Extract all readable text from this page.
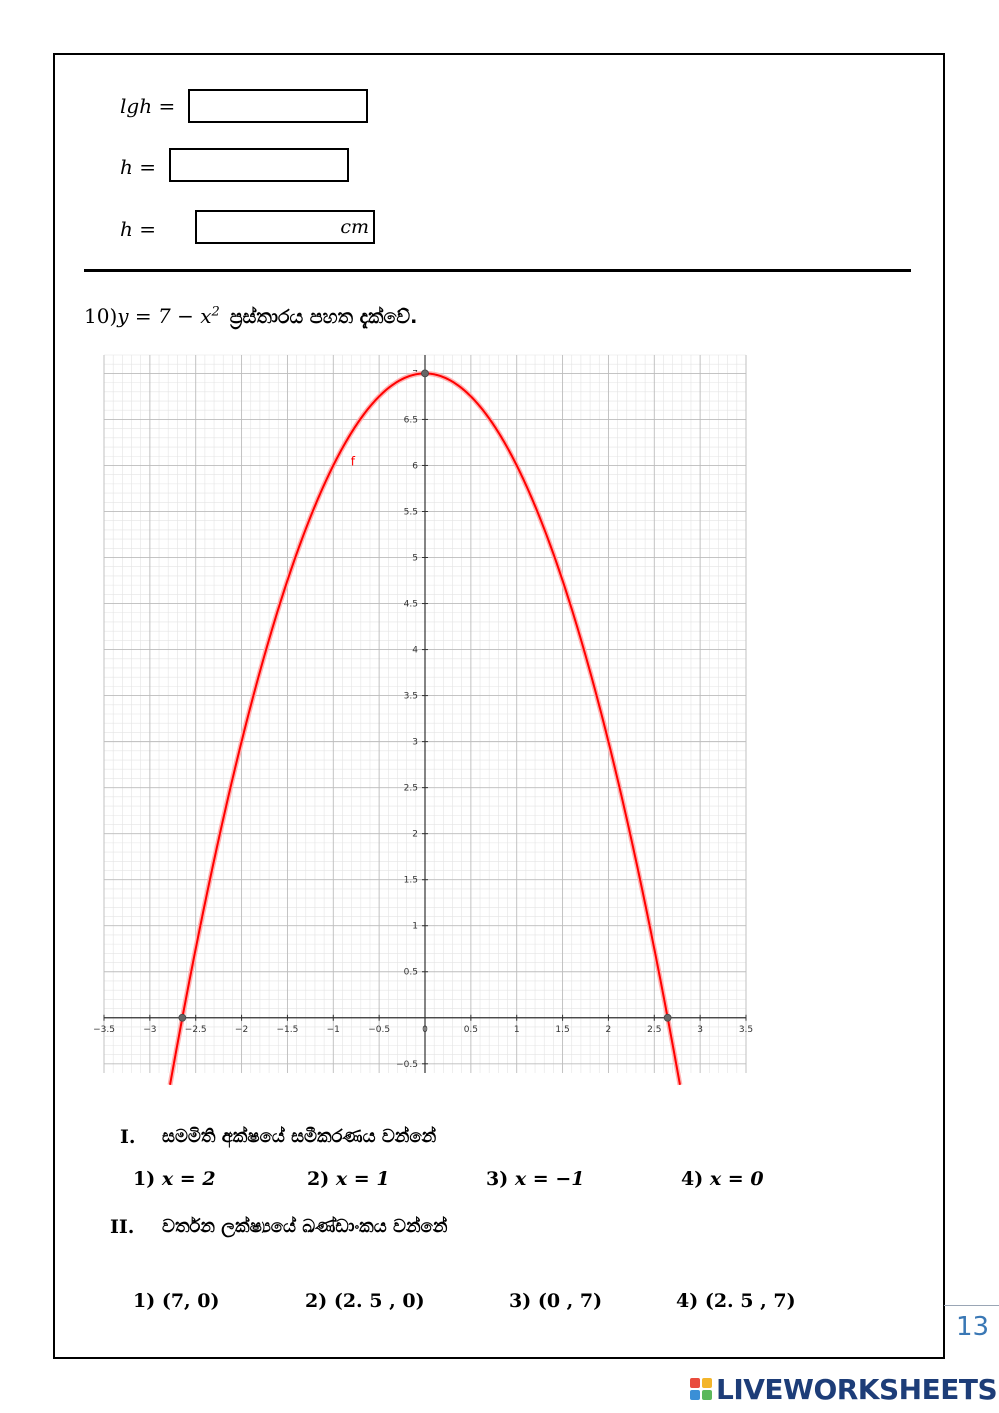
lgh =
h =
h =	cm
$10)y = 7 - x^2$ ප්‍රස්තාරය පහත දැක්වේ.
−3.5	−3	−2.5	−2	−1.5	−1	−0.5	0	0.5	1	1.5	2	2.5	3	3.5
−0.5
0.5
1
1.5
2
2.5
3
3.5
4
4.5
5
5.5
6
6.5
7
f
I. සමමිති අක්ෂයේ සමීකරණය වන්නේ
1) x = 2	2) x = 1	3) x = −1	4) x = 0
II. වර්තන ලක්ෂ්‍යයේ ඛණ්ඩාංකය වන්නේ
1) (7, 0)	2) (2. 5 , 0)	3) (0 , 7)	4) (2. 5 , 7)
13
LIVEWORKSHEETS
